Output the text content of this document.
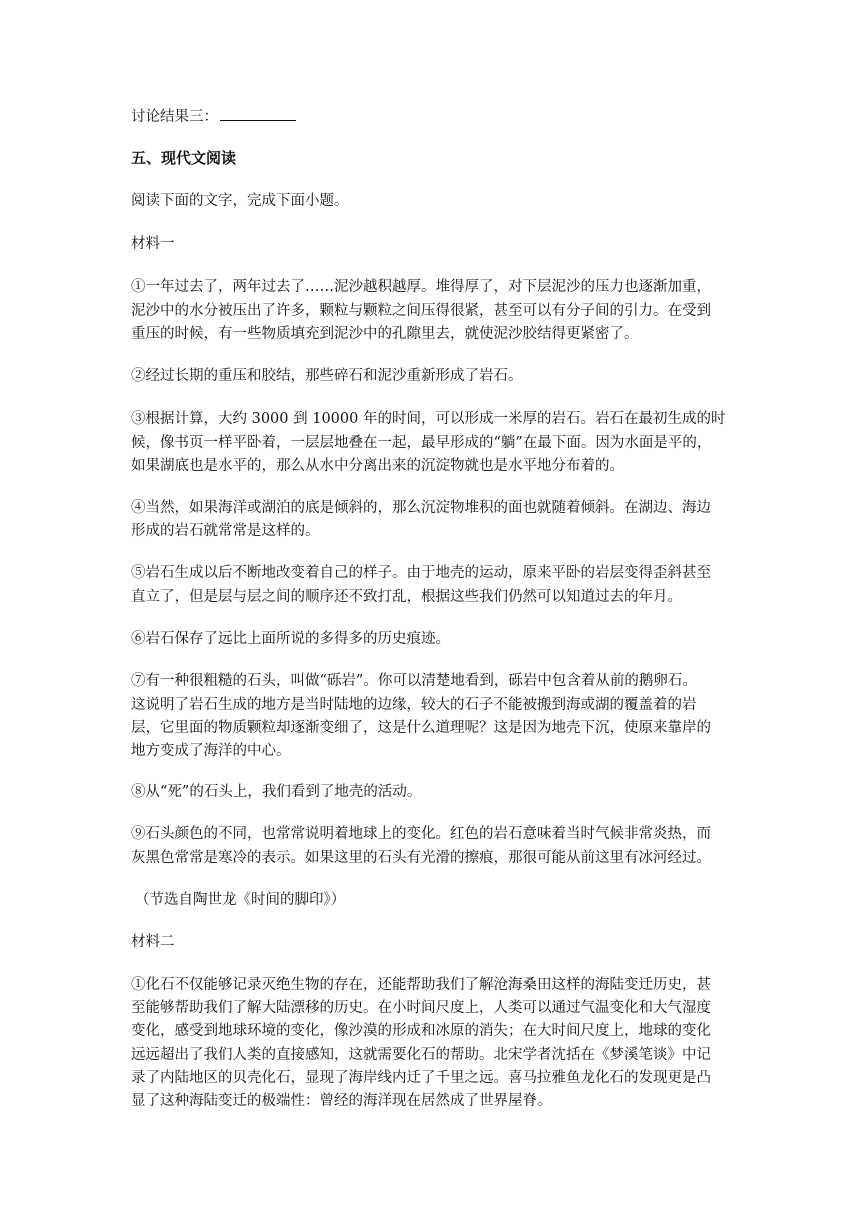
讨论结果三：
五、现代文阅读
阅读下面的文字，完成下面小题。
材料一
①一年过去了，两年过去了……泥沙越积越厚。堆得厚了，对下层泥沙的压力也逐渐加重，
泥沙中的水分被压出了许多，颗粒与颗粒之间压得很紧，甚至可以有分子间的引力。在受到
重压的时候，有一些物质填充到泥沙中的孔隙里去，就使泥沙胶结得更紧密了。
②经过长期的重压和胶结，那些碎石和泥沙重新形成了岩石。
③根据计算，大约 3000 到 10000 年的时间，可以形成一米厚的岩石。岩石在最初生成的时
候，像书页一样平卧着，一层层地叠在一起，最早形成的“躺”在最下面。因为水面是平的，
如果湖底也是水平的，那么从水中分离出来的沉淀物就也是水平地分布着的。
④当然，如果海洋或湖泊的底是倾斜的，那么沉淀物堆积的面也就随着倾斜。在湖边、海边
形成的岩石就常常是这样的。
⑤岩石生成以后不断地改变着自己的样子。由于地壳的运动，原来平卧的岩层变得歪斜甚至
直立了，但是层与层之间的顺序还不致打乱，根据这些我们仍然可以知道过去的年月。
⑥岩石保存了远比上面所说的多得多的历史痕迹。
⑦有一种很粗糙的石头，叫做“砾岩”。你可以清楚地看到，砾岩中包含着从前的鹅卵石。
这说明了岩石生成的地方是当时陆地的边缘，较大的石子不能被搬到海或湖的覆盖着的岩
层，它里面的物质颗粒却逐渐变细了，这是什么道理呢？这是因为地壳下沉，使原来靠岸的
地方变成了海洋的中心。
⑧从“死”的石头上，我们看到了地壳的活动。
⑨石头颜色的不同，也常常说明着地球上的变化。红色的岩石意味着当时气候非常炎热，而
灰黑色常常是寒冷的表示。如果这里的石头有光滑的擦痕，那很可能从前这里有冰河经过。
（节选自陶世龙《时间的脚印》）
材料二
①化石不仅能够记录灭绝生物的存在，还能帮助我们了解沧海桑田这样的海陆变迁历史，甚
至能够帮助我们了解大陆漂移的历史。在小时间尺度上，人类可以通过气温变化和大气湿度
变化，感受到地球环境的变化，像沙漠的形成和冰原的消失；在大时间尺度上，地球的变化
远远超出了我们人类的直接感知，这就需要化石的帮助。北宋学者沈括在《梦溪笔谈》中记
录了内陆地区的贝壳化石，显现了海岸线内迁了千里之远。喜马拉雅鱼龙化石的发现更是凸
显了这种海陆变迁的极端性：曾经的海洋现在居然成了世界屋脊。
